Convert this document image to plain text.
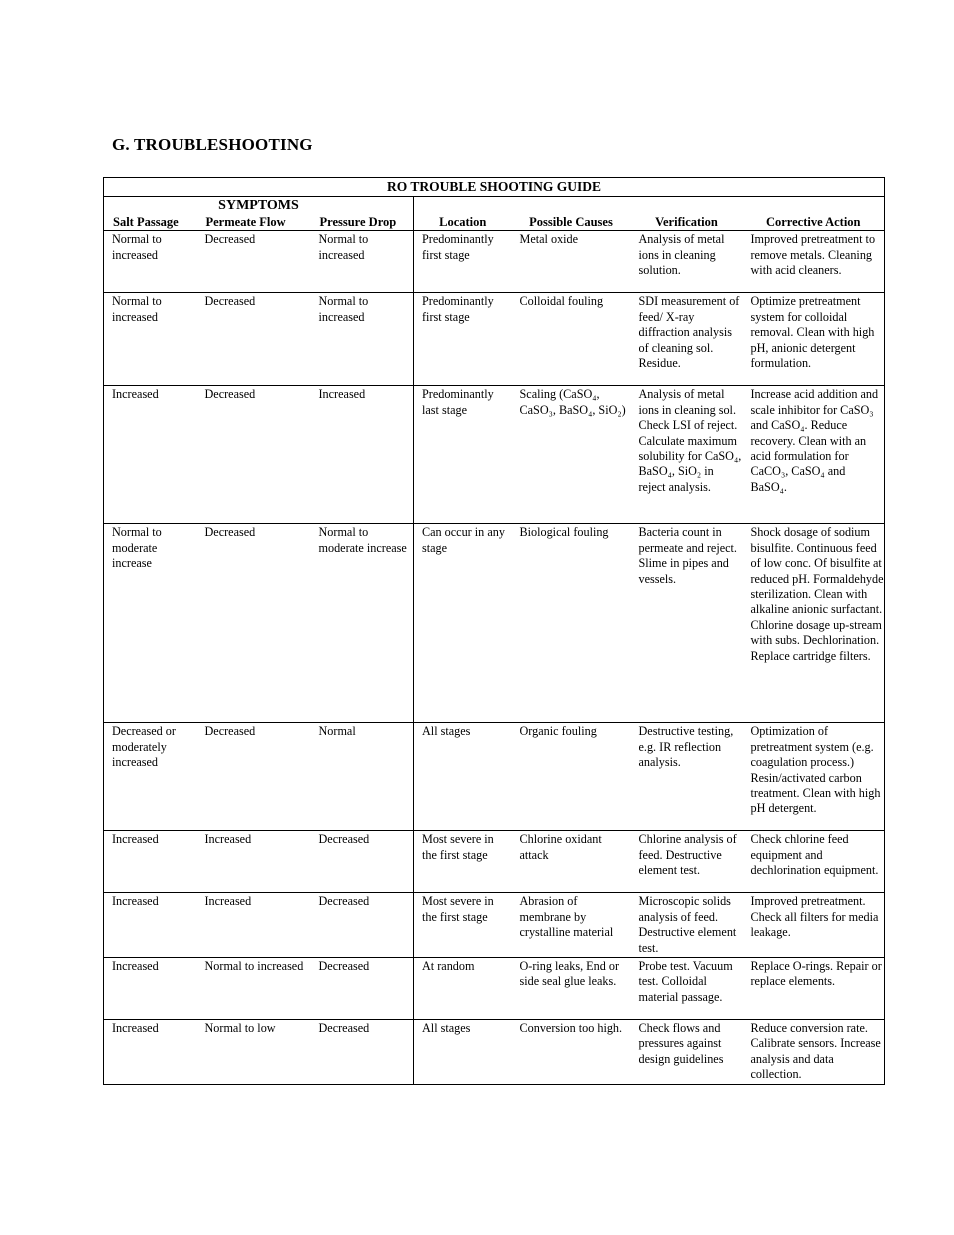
G. TROUBLESHOOTING
RO TROUBLE SHOOTING GUIDE						
SYMPTOMS						
Salt Passage	Permeate Flow	Pressure Drop	Location	Possible Causes	Verification	Corrective Action
Normal to increased	Decreased	Normal to increased	Predominantly first stage	Metal oxide	Analysis of metal ions in cleaning solution.	Improved pretreatment to remove metals. Cleaning with acid cleaners.
Normal to increased	Decreased	Normal to increased	Predominantly first stage	Colloidal fouling	SDI measurement of feed/ X-ray diffraction analysis of cleaning sol. Residue.	Optimize pretreatment system for colloidal removal. Clean with high pH, anionic detergent formulation.
Increased	Decreased	Increased	Predominantly last stage	Scaling (CaSO₄, CaSO₃, BaSO₄, SiO₂)	Analysis of metal ions in cleaning sol. Check LSI of reject. Calculate maximum solubility for CaSO₄, BaSO₄, SiO₂ in reject analysis.	Increase acid addition and scale inhibitor for CaSO₃ and CaSO₄. Reduce recovery. Clean with an acid formulation for CaCO₃, CaSO₄ and BaSO₄.
Normal to moderate increase	Decreased	Normal to moderate increase	Can occur in any stage	Biological fouling	Bacteria count in permeate and reject. Slime in pipes and vessels.	Shock dosage of sodium bisulfite. Continuous feed of low conc. Of bisulfite at reduced pH. Formaldehyde sterilization. Clean with alkaline anionic surfactant. Chlorine dosage up-stream with subs. Dechlorination. Replace cartridge filters.
Decreased or moderately increased	Decreased	Normal	All stages	Organic fouling	Destructive testing, e.g. IR reflection analysis.	Optimization of pretreatment system (e.g. coagulation process.) Resin/activated carbon treatment. Clean with high pH detergent.
Increased	Increased	Decreased	Most severe in the first stage	Chlorine oxidant attack	Chlorine analysis of feed. Destructive element test.	Check chlorine feed equipment and dechlorination equipment.
Increased	Increased	Decreased	Most severe in the first stage	Abrasion of membrane by crystalline material	Microscopic solids analysis of feed. Destructive element test.	Improved pretreatment. Check all filters for media leakage.
Increased	Normal to increased	Decreased	At random	O-ring leaks, End or side seal glue leaks.	Probe test. Vacuum test. Colloidal material passage.	Replace O-rings. Repair or replace elements.
Increased	Normal to low	Decreased	All stages	Conversion too high.	Check flows and pressures against design guidelines	Reduce conversion rate. Calibrate sensors. Increase analysis and data collection.
